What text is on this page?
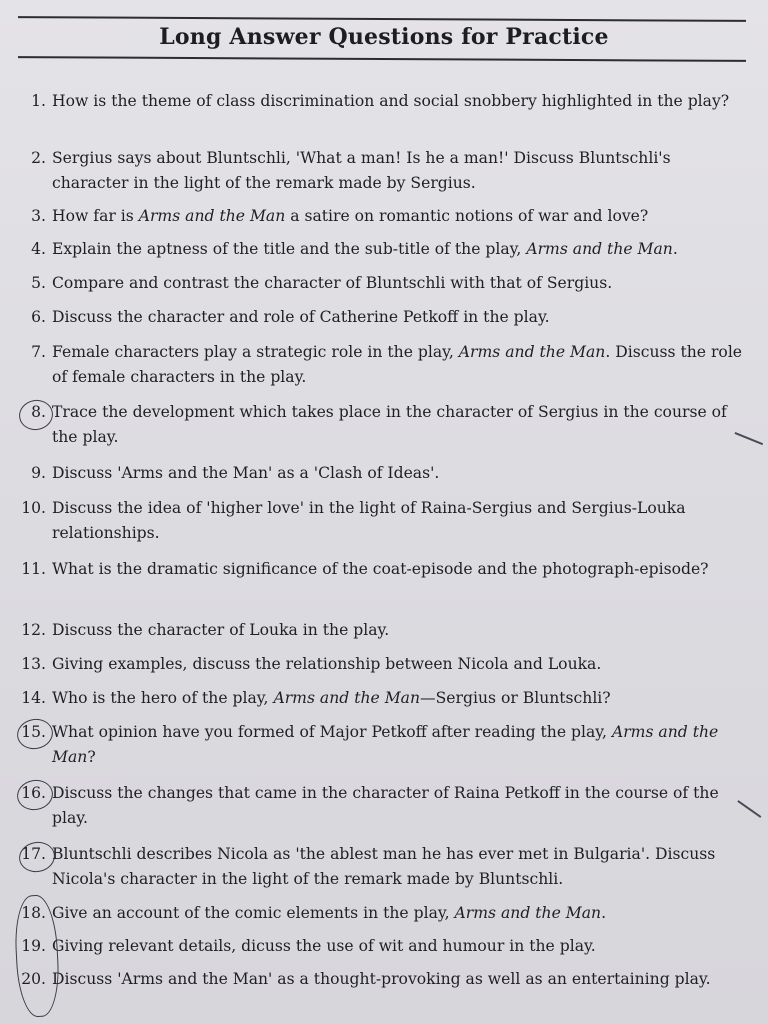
Long Answer Questions for Practice
1. How is the theme of class discrimination and social snobbery highlighted in the play?
2. Sergius says about Bluntschli, 'What a man! Is he a man!' Discuss Bluntschli's character in the light of the remark made by Sergius.
3. How far is Arms and the Man a satire on romantic notions of war and love?
4. Explain the aptness of the title and the sub-title of the play, Arms and the Man.
5. Compare and contrast the character of Bluntschli with that of Sergius.
6. Discuss the character and role of Catherine Petkoff in the play.
7. Female characters play a strategic role in the play, Arms and the Man. Discuss the role of female characters in the play.
8. Trace the development which takes place in the character of Sergius in the course of the play.
9. Discuss 'Arms and the Man' as a 'Clash of Ideas'.
10. Discuss the idea of 'higher love' in the light of Raina-Sergius and Sergius-Louka relationships.
11. What is the dramatic significance of the coat-episode and the photograph-episode?
12. Discuss the character of Louka in the play.
13. Giving examples, discuss the relationship between Nicola and Louka.
14. Who is the hero of the play, Arms and the Man—Sergius or Bluntschli?
15. What opinion have you formed of Major Petkoff after reading the play, Arms and the Man?
16. Discuss the changes that came in the character of Raina Petkoff in the course of the play.
17. Bluntschli describes Nicola as 'the ablest man he has ever met in Bulgaria'. Discuss Nicola's character in the light of the remark made by Bluntschli.
18. Give an account of the comic elements in the play, Arms and the Man.
19. Giving relevant details, dicuss the use of wit and humour in the play.
20. Discuss 'Arms and the Man' as a thought-provoking as well as an entertaining play.
